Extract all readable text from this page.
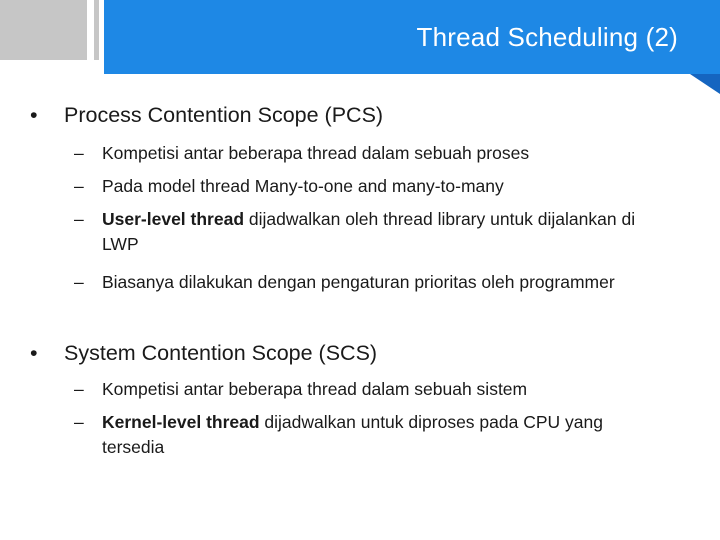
Thread Scheduling (2)
• Process Contention Scope (PCS)
–	Kompetisi antar beberapa thread dalam sebuah proses
–	Pada model thread Many-to-one and many-to-many
–	User-level thread dijadwalkan oleh thread library untuk dijalankan di LWP
–	Biasanya dilakukan dengan pengaturan prioritas oleh programmer
• System Contention Scope (SCS)
–	Kompetisi antar beberapa thread dalam sebuah sistem
–	Kernel-level thread dijadwalkan untuk diproses pada CPU yang tersedia
